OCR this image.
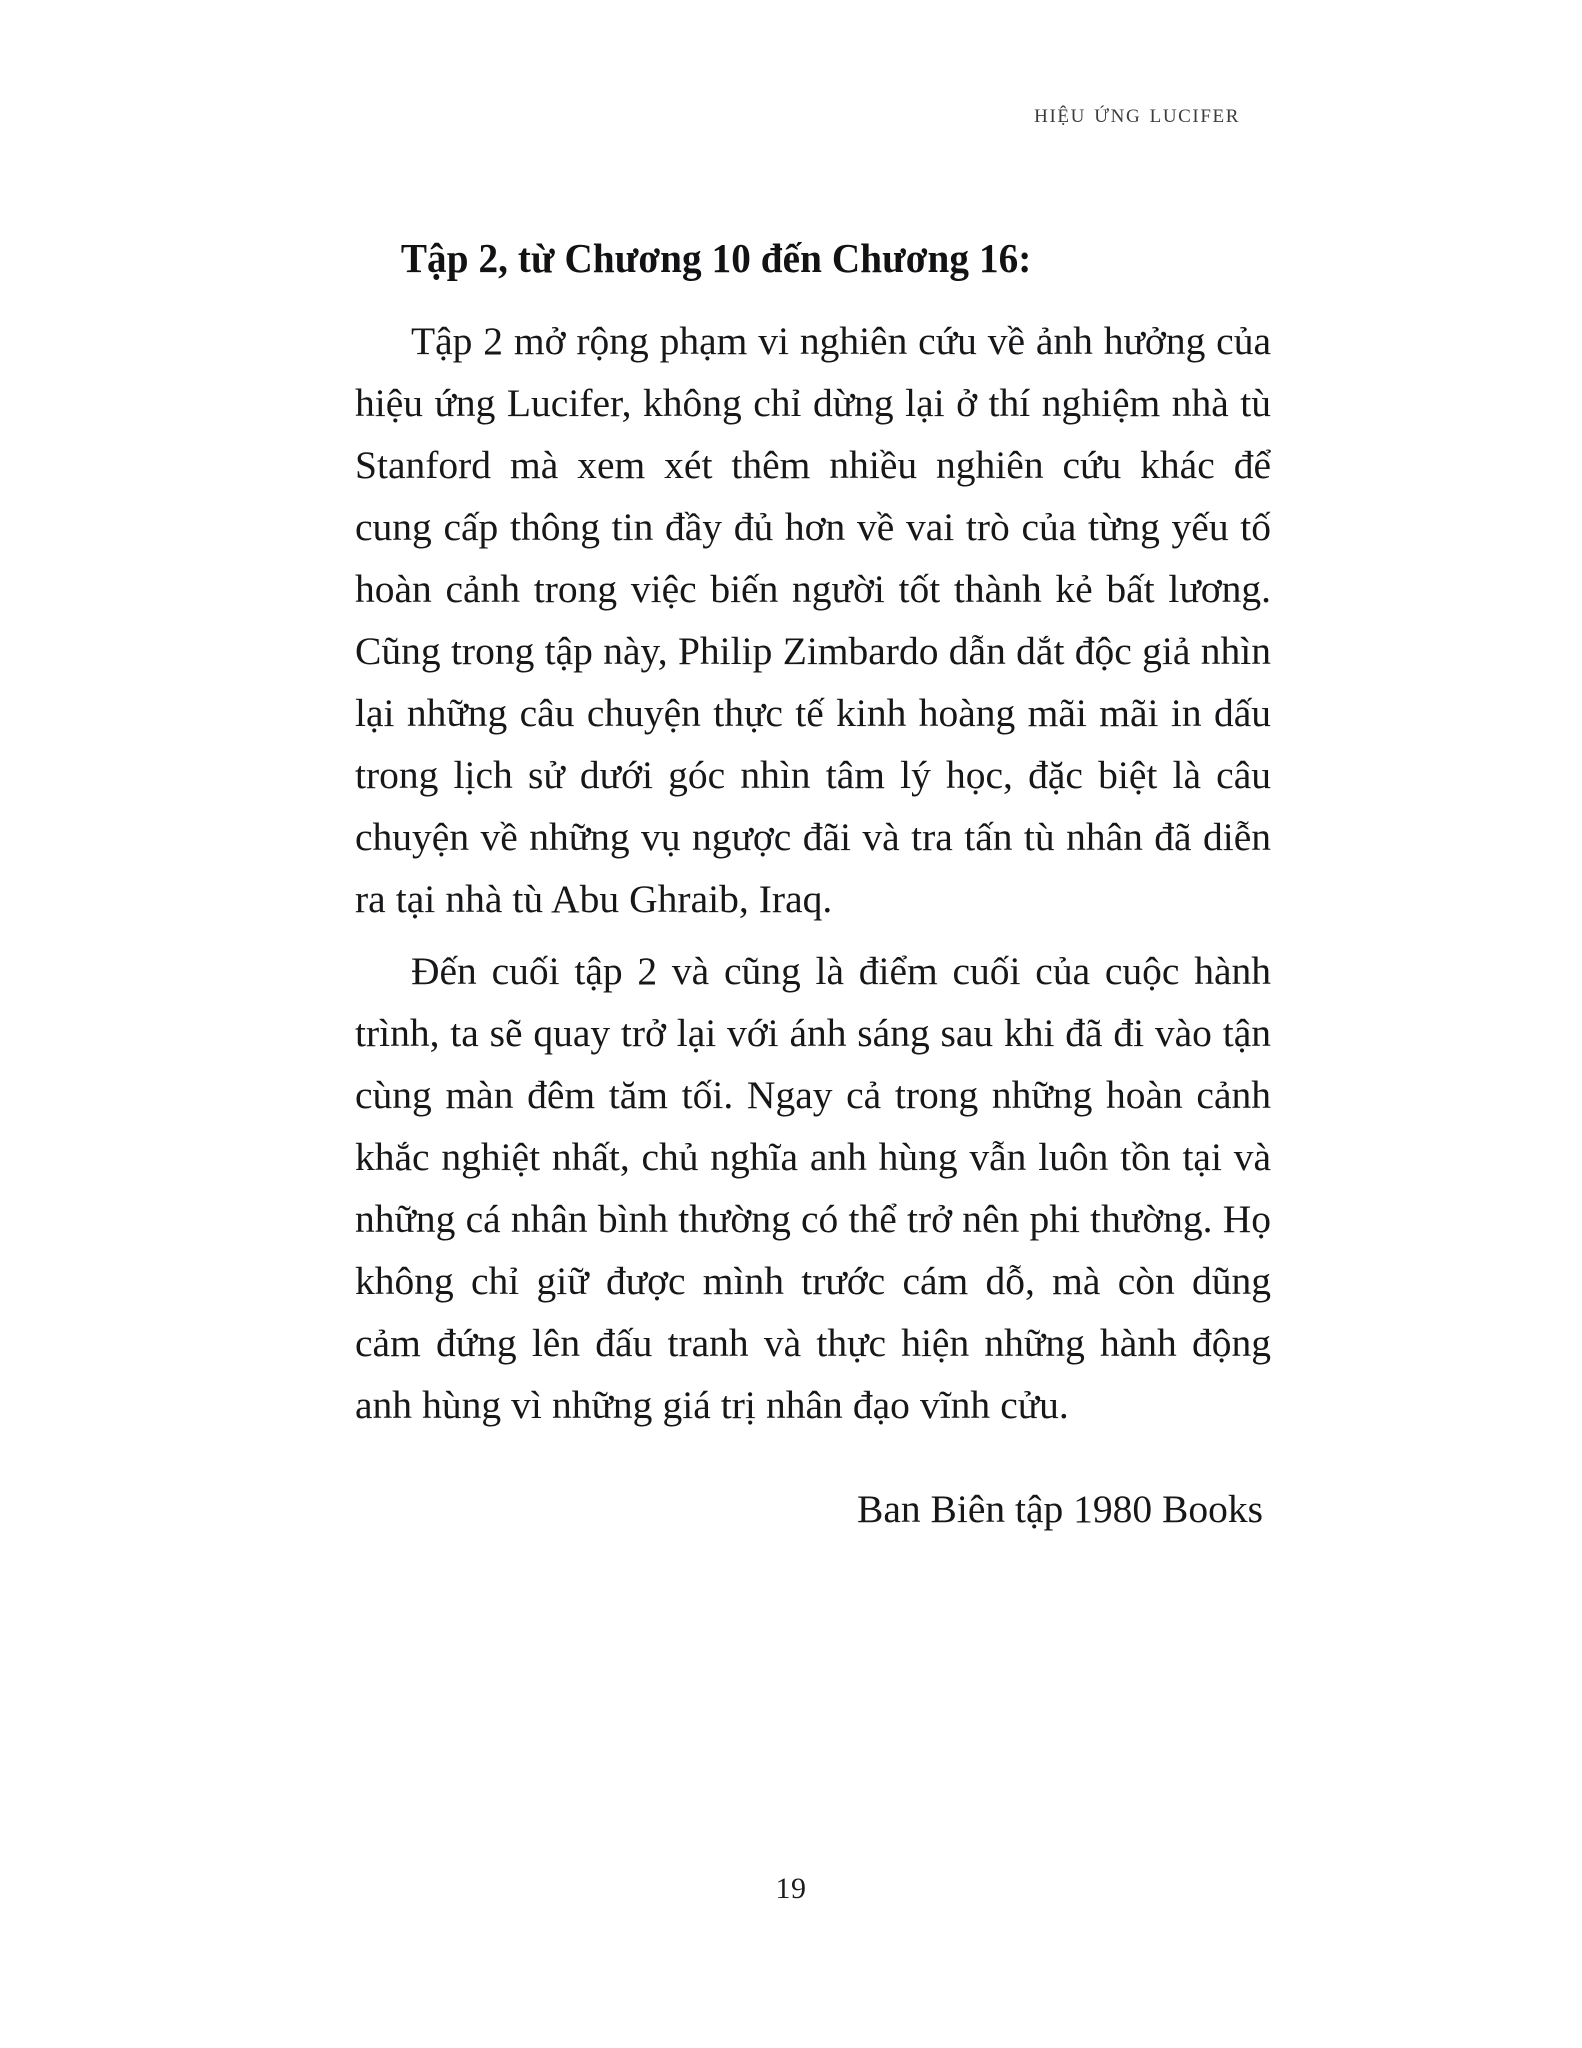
hiệu ứng lucifer
Tập 2, từ Chương 10 đến Chương 16:

Tập 2 mở rộng phạm vi nghiên cứu về ảnh hưởng của hiệu ứng Lucifer, không chỉ dừng lại ở thí nghiệm nhà tù Stanford mà xem xét thêm nhiều nghiên cứu khác để cung cấp thông tin đầy đủ hơn về vai trò của từng yếu tố hoàn cảnh trong việc biến người tốt thành kẻ bất lương. Cũng trong tập này, Philip Zimbardo dẫn dắt độc giả nhìn lại những câu chuyện thực tế kinh hoàng mãi mãi in dấu trong lịch sử dưới góc nhìn tâm lý học, đặc biệt là câu chuyện về những vụ ngược đãi và tra tấn tù nhân đã diễn ra tại nhà tù Abu Ghraib, Iraq.

Đến cuối tập 2 và cũng là điểm cuối của cuộc hành trình, ta sẽ quay trở lại với ánh sáng sau khi đã đi vào tận cùng màn đêm tăm tối. Ngay cả trong những hoàn cảnh khắc nghiệt nhất, chủ nghĩa anh hùng vẫn luôn tồn tại và những cá nhân bình thường có thể trở nên phi thường. Họ không chỉ giữ được mình trước cám dỗ, mà còn dũng cảm đứng lên đấu tranh và thực hiện những hành động anh hùng vì những giá trị nhân đạo vĩnh cửu.

Ban Biên tập 1980 Books
19
